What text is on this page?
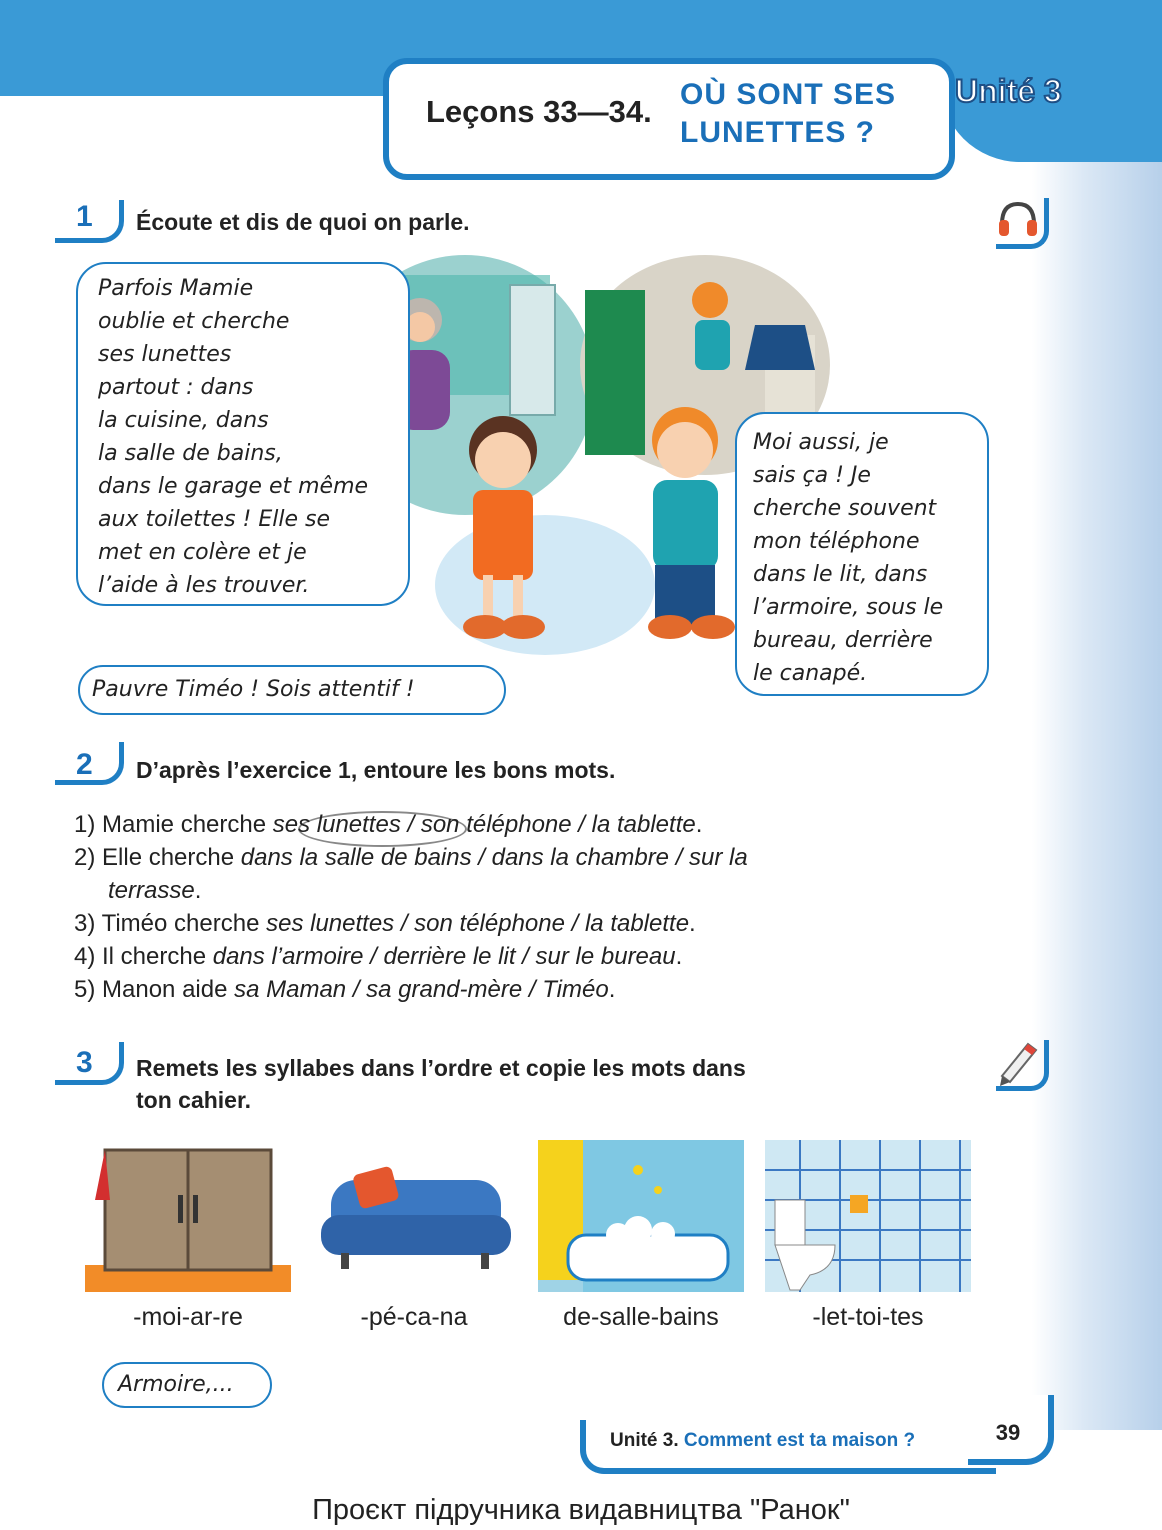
Unité 3
Leçons 33—34. OÙ SONT SES
LUNETTES ?
1 Écoute et dis de quoi on parle.
Parfois Mamie
oublie et cherche
ses lunettes
partout : dans
la cuisine, dans
la salle de bains,
dans le garage et même
aux toilettes ! Elle se
met en colère et je
l’aide à les trouver.
Moi aussi, je
sais ça ! Je
cherche souvent
mon téléphone
dans le lit, dans
l’armoire, sous le
bureau, derrière
le canapé.
Pauvre Timéo ! Sois attentif !
2 D’après l’exercice 1, entoure les bons mots.
1) Mamie cherche ses lunettes / son téléphone / la tablette.
2) Elle cherche dans la salle de bains / dans la chambre / sur la
terrasse.
3) Timéo cherche ses lunettes / son téléphone / la tablette.
4) Il cherche dans l’armoire / derrière le lit / sur le bureau.
5) Manon aide sa Maman / sa grand-mère / Timéo.
3 Remets les syllabes dans l’ordre et copie les mots dans
ton cahier.
-moi-ar-re	-pé-ca-na	de-salle-bains	-let-toi-tes
Armoire,...
Unité 3. Comment est ta maison ?	39
Проєкт підручника видавництва "Ранок"
